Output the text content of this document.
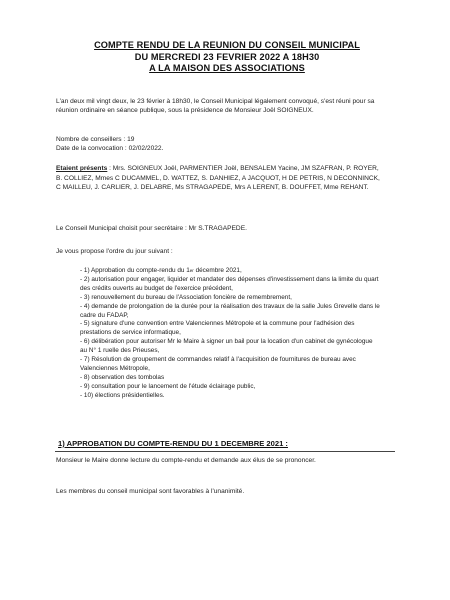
COMPTE RENDU DE LA REUNION DU CONSEIL MUNICIPAL
DU MERCREDI 23 FEVRIER 2022 A 18H30
A LA MAISON DES ASSOCIATIONS
L'an deux mil vingt deux, le 23 février à 18h30, le Conseil Municipal légalement convoqué, s'est réuni pour sa réunion ordinaire en séance publique, sous la présidence de Monsieur Joël SOIGNEUX.
Nombre de conseillers : 19
Date de la convocation : 02/02/2022.
Etaient présents : Mrs. SOIGNEUX Joël, PARMENTIER Joël, BENSALEM Yacine, JM SZAFRAN, P. ROYER, B. COLLIEZ, Mmes C DUCAMMEL, D. WATTEZ, S. DANHIEZ, A JACQUOT, H DE PETRIS, N DECONNINCK, C MAILLEU, J. CARLIER, J. DELABRE, Ms STRAGAPEDE, Mrs A LERENT, B. DOUFFET, Mme REHANT.
Le Conseil Municipal choisit pour secrétaire : Mr S.TRAGAPEDE.
Je vous propose l'ordre du jour suivant :

- 1) Approbation du compte-rendu du 1er décembre 2021,

- 2) autorisation pour engager, liquider et mandater des dépenses d'investissement dans la limite du quart des crédits ouverts au budget de l'exercice précédent,

- 3) renouvellement du bureau de l'Association foncière de remembrement,

- 4) demande de prolongation de la durée pour la réalisation des travaux de la salle Jules Grevelle dans le cadre du FADAP,

- 5) signature d'une convention entre Valenciennes Métropole et la commune pour l'adhésion des prestations de service informatique,

- 6) délibération pour autoriser Mr le Maire à signer un bail pour la location d'un cabinet de gynécologue au N° 1 ruelle des Prieuses,

- 7) Résolution de groupement de commandes relatif à l'acquisition de fournitures de bureau avec Valenciennes Métropole,

- 8) observation des tombolas

- 9) consultation pour le lancement de l'étude éclairage public,

- 10) élections présidentielles.

1) APPROBATION DU COMPTE-RENDU DU 1 DECEMBRE 2021 :
Monsieur le Maire donne lecture du compte-rendu et demande aux élus de se prononcer.
Les membres du conseil municipal sont favorables à l'unanimité.
